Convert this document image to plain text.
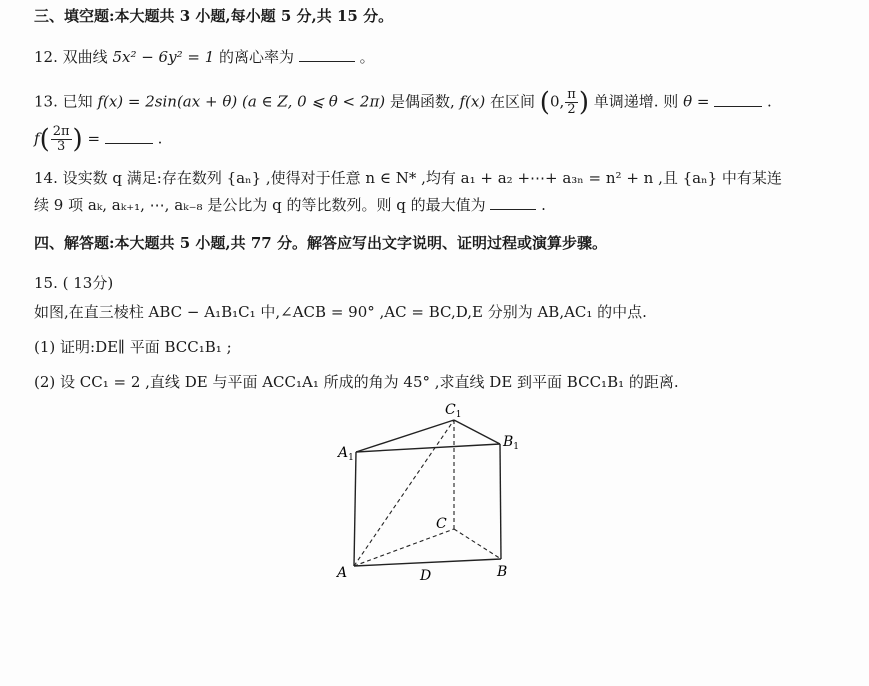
三、填空题:本大题共 3 小题,每小题 5 分,共 15 分。
12. 双曲线 5x² − 6y² = 1 的离心率为	。
13. 已知 f(x) = 2sin(ax + θ) (a ∈ Z, 0 ⩽ θ < 2π) 是偶函数, f(x) 在区间 (0, $\frac{\pi}{2}$ ) 单调递增. 则 θ =	.
$f( \frac{2\pi}{3}$ ) =	.
14. 设实数 q 满足:存在数列 {aₙ} ,使得对于任意 n ∈ N* ,均有 a₁ + a₂ +⋯+ a₃ₙ = n² + n ,且 {aₙ} 中有某连
续 9 项 aₖ, aₖ₊₁, ⋯, aₖ₋₈ 是公比为 q 的等比数列。则 q 的最大值为	.
四、解答题:本大题共 5 小题,共 77 分。解答应写出文字说明、证明过程或演算步骤。
15. ( 13分)
如图,在直三棱柱 ABC − A₁B₁C₁ 中,∠ACB = 90° ,AC = BC,D,E 分别为 AB,AC₁ 的中点.
(1) 证明:DE∥ 平面 BCC₁B₁ ;
(2) 设 CC₁ = 2 ,直线 DE 与平面 ACC₁A₁ 所成的角为 45° ,求直线 DE 到平面 BCC₁B₁ 的距离.
$C_1$
$A_1$
$B_1$
C
A	B
D
